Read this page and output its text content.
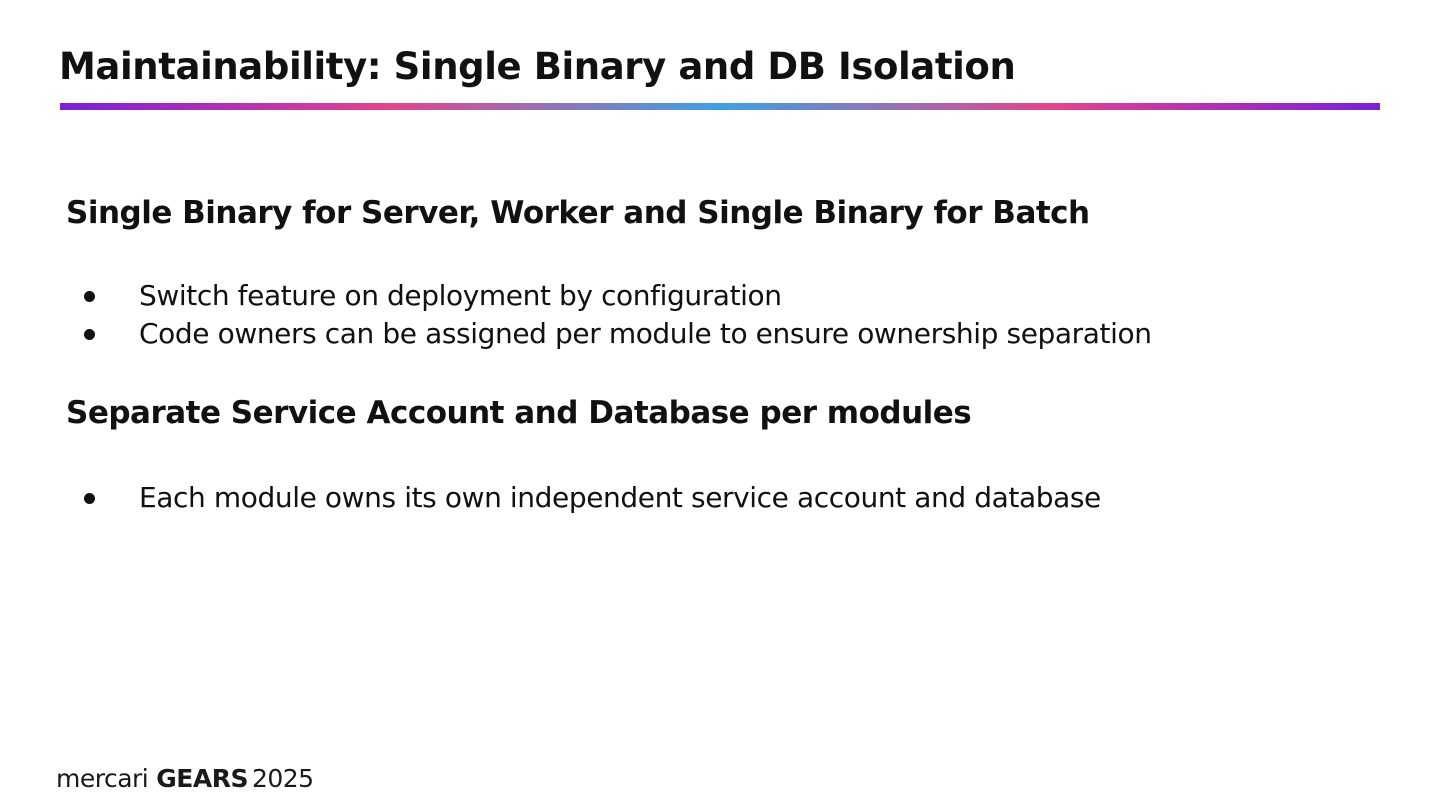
Maintainability: Single Binary and DB Isolation
Single Binary for Server, Worker and Single Binary for Batch
Switch feature on deployment by configuration
Code owners can be assigned per module to ensure ownership separation
Separate Service Account and Database per modules
Each module owns its own independent service account and database
mercari GEARS 2025
